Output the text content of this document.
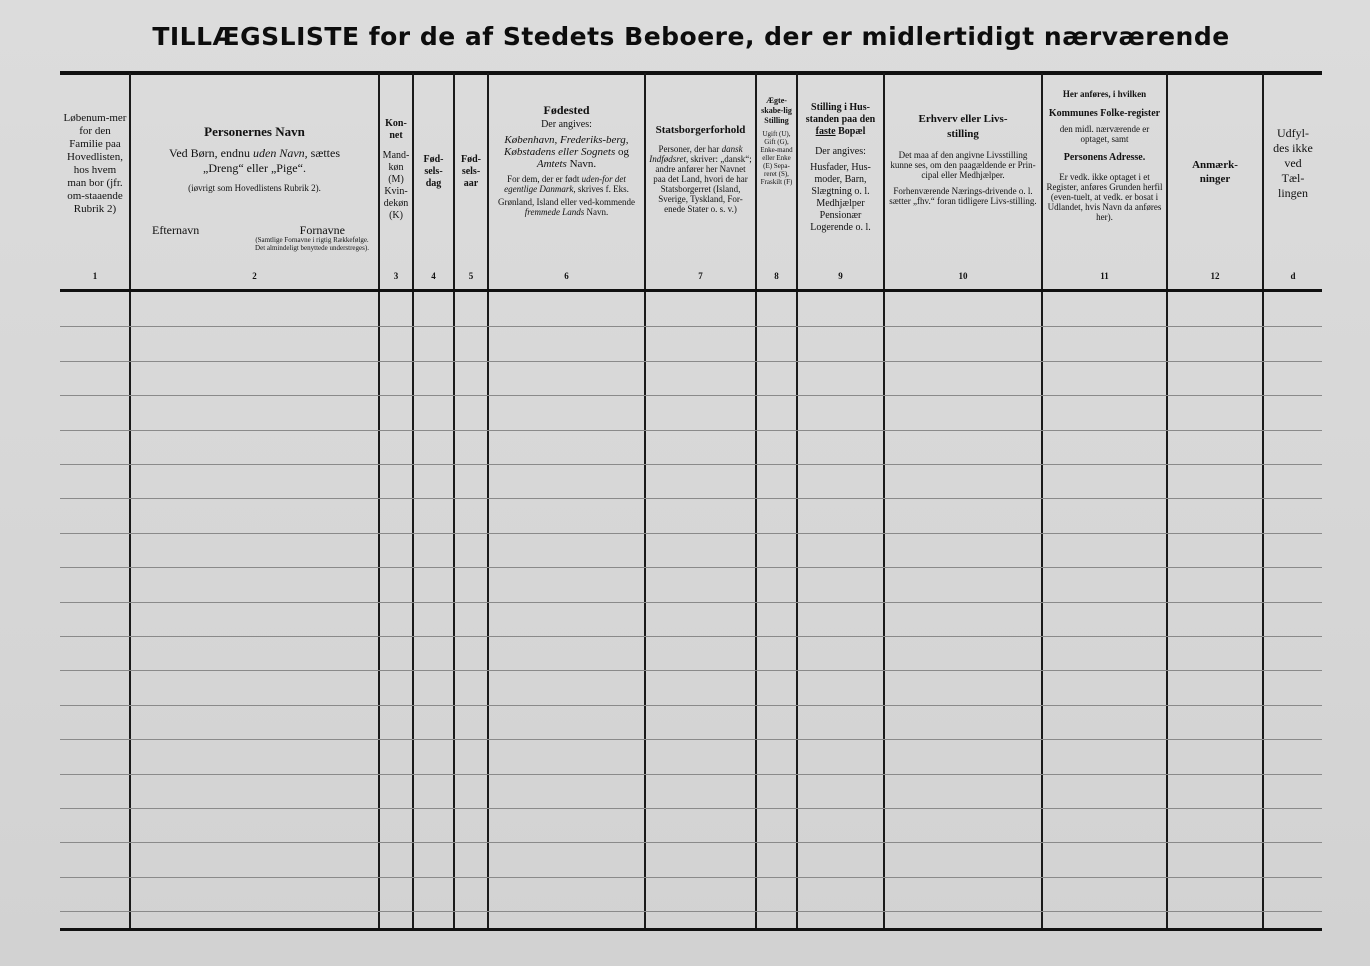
TILLÆGSLISTE for de af Stedets Beboere, der er midlertidigt nærværende
Løbenum-mer for den Familie paa Hovedlisten, hos hvem man bor (jfr. om-staaende Rubrik 2)
1
Personernes Navn
Ved Børn, endnu uden Navn, sættes
„Dreng“ eller „Pige“.
(iøvrigt som Hovedlistens Rubrik 2).
Efternavn	Fornavne
(Samtlige Fornavne i rigtig Rækkefølge. Det almindeligt benyttede understreges).
2
Kon-net
Mand-køn (M) Kvin-dekøn (K)
3
Fød-sels-dag
4
Fød-sels-aar
5
Fødested
Der angives:
København, Frederiks-berg, Købstadens eller Sognets og Amtets Navn.
For dem, der er født uden-for det egentlige Danmark, skrives f. Eks.
Grønland, Island eller ved-kommende fremmede Lands Navn.
6
Statsborgerforhold
Personer, der har dansk Indfødsret, skriver: „dansk“; andre anfører her Navnet paa det Land, hvori de har Statsborgerret (Island, Sverige, Tyskland, For-enede Stater o. s. v.)
7
Ægte-skabe-lig Stilling
Ugift (U), Gift (G), Enke-mand eller Enke (E) Sepa-reret (S), Fraskilt (F)
8
Stilling i Hus-standen paa den faste Bopæl
Der angives:
Husfader, Hus-moder, Barn, Slægtning o. l. Medhjælper Pensionær Logerende o. l.
9
Erhverv eller Livs-stilling
Det maa af den angivne Livsstilling kunne ses, om den paagældende er Prin-cipal eller Medhjælper.
Forhenværende Nærings-drivende o. l. sætter „fhv.“ foran tidligere Livs-stilling.
10
Her anføres, i hvilken
Kommunes Folke-register
den midl. nærværende er optaget, samt
Personens Adresse.
Er vedk. ikke optaget i et Register, anføres Grunden herfil (even-tuelt, at vedk. er bosat i Udlandet, hvis Navn da anføres her).
11
Anmærk-ninger
12
Udfyl-des ikke ved Tæl-lingen
d
